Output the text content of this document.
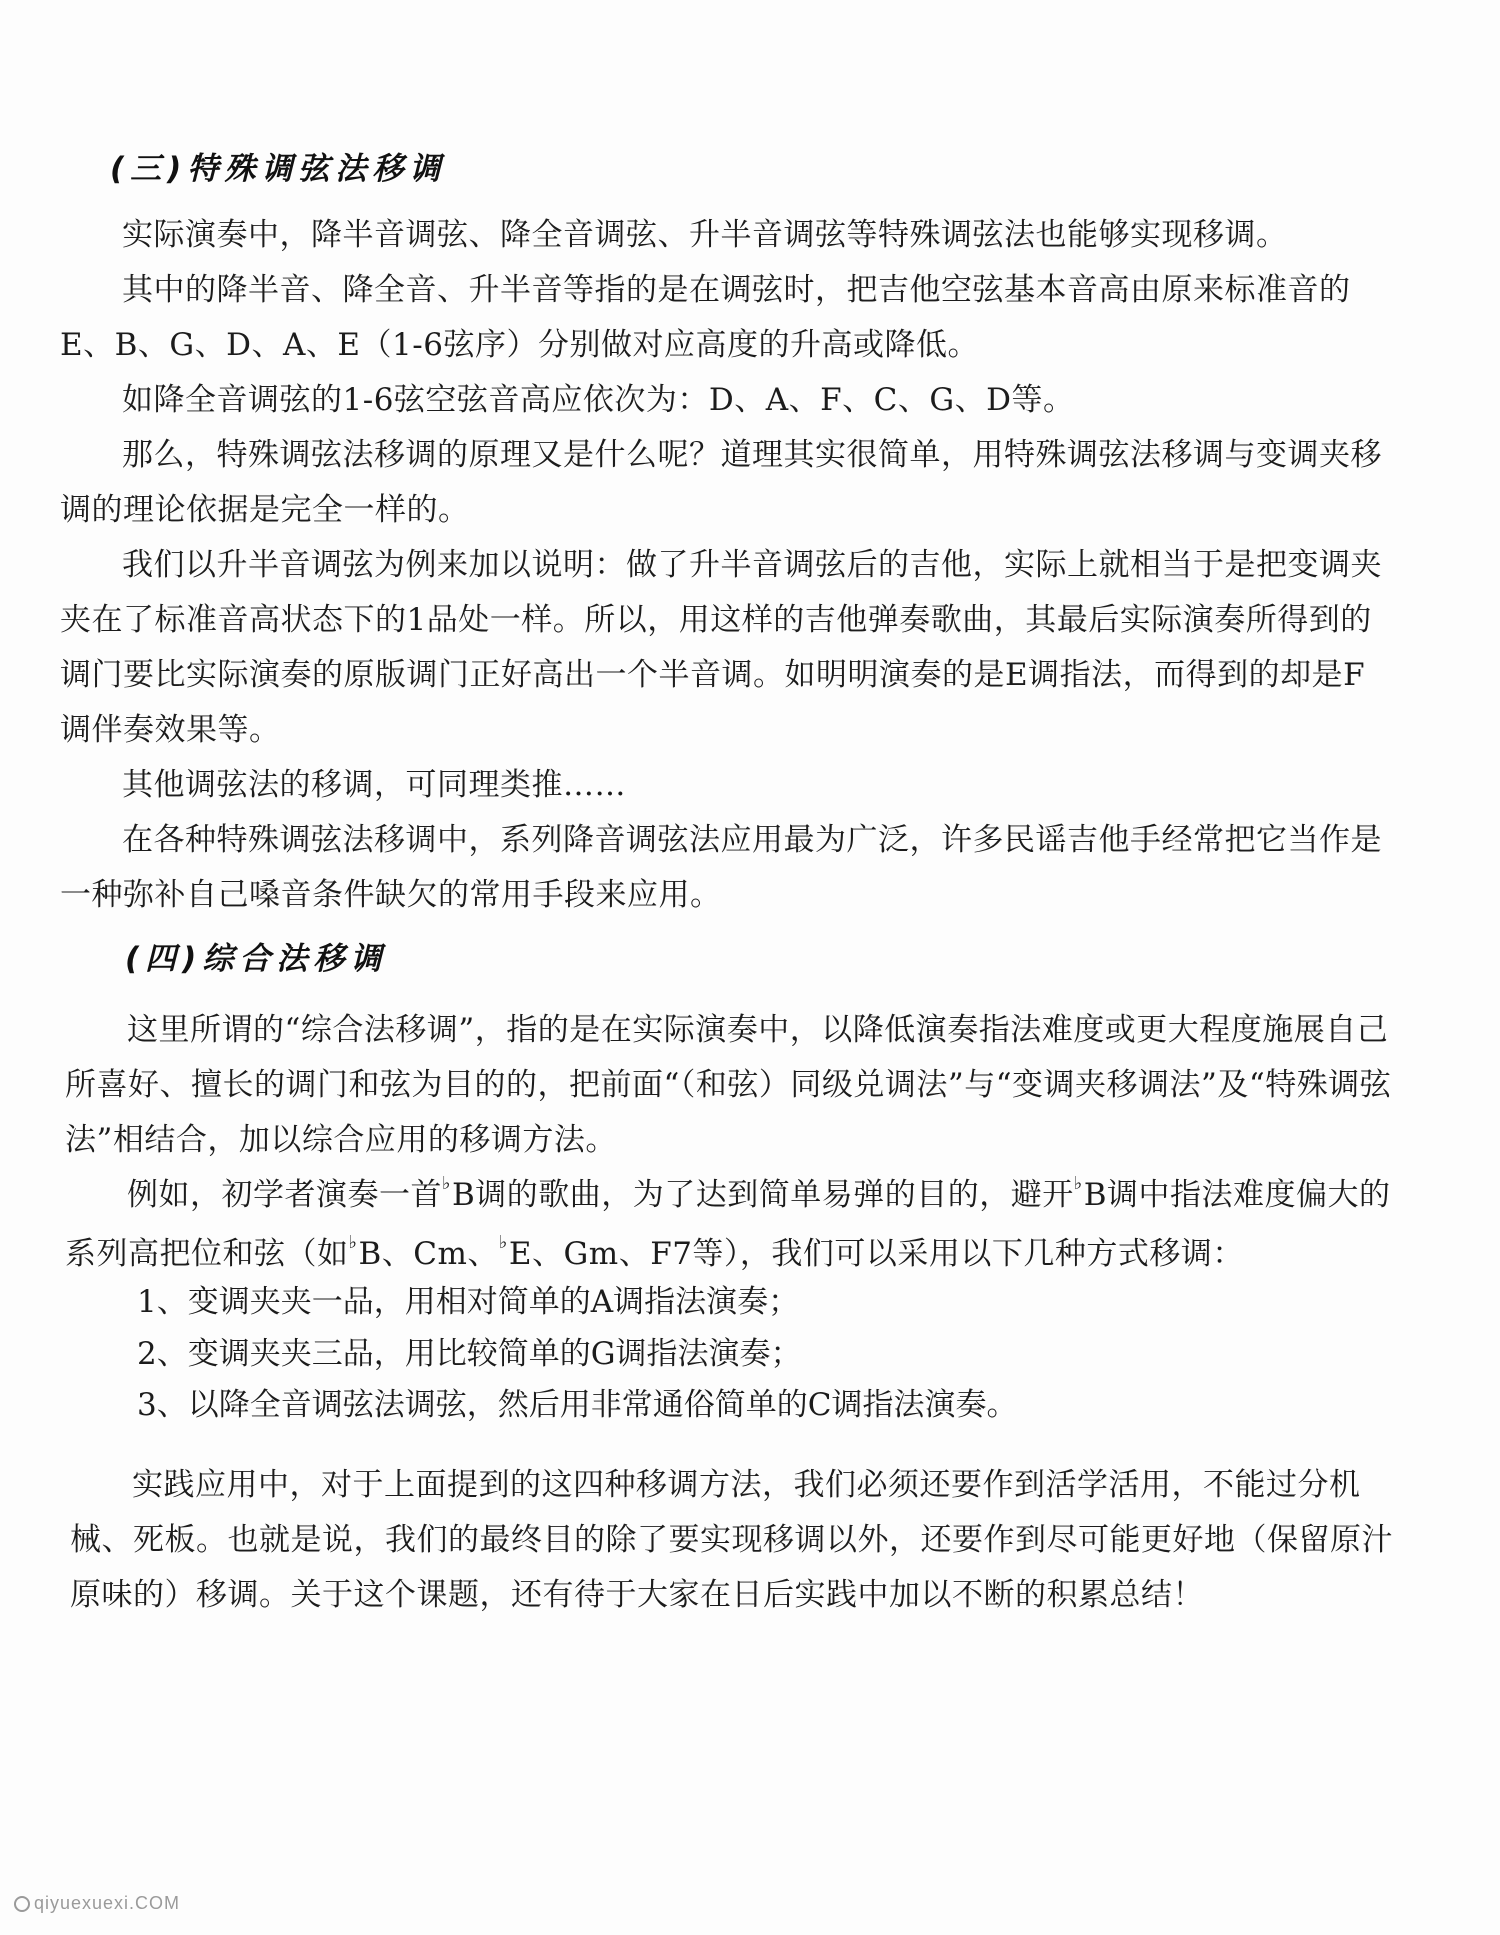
(三)特殊调弦法移调

实际演奏中，降半音调弦、降全音调弦、升半音调弦等特殊调弦法也能够实现移调。

其中的降半音、降全音、升半音等指的是在调弦时，把吉他空弦基本音高由原来标准音的E、B、G、D、A、E（1-6弦序）分别做对应高度的升高或降低。

如降全音调弦的1-6弦空弦音高应依次为：D、A、F、C、G、D等。

那么，特殊调弦法移调的原理又是什么呢？道理其实很简单，用特殊调弦法移调与变调夹移调的理论依据是完全一样的。

我们以升半音调弦为例来加以说明：做了升半音调弦后的吉他，实际上就相当于是把变调夹夹在了标准音高状态下的1品处一样。所以，用这样的吉他弹奏歌曲，其最后实际演奏所得到的调门要比实际演奏的原版调门正好高出一个半音调。如明明演奏的是E调指法，而得到的却是F调伴奏效果等。

其他调弦法的移调，可同理类推……

在各种特殊调弦法移调中，系列降音调弦法应用最为广泛，许多民谣吉他手经常把它当作是一种弥补自己嗓音条件缺欠的常用手段来应用。

(四)综合法移调

这里所谓的“综合法移调”，指的是在实际演奏中，以降低演奏指法难度或更大程度施展自己所喜好、擅长的调门和弦为目的的，把前面“（和弦）同级兑调法”与“变调夹移调法”及“特殊调弦法”相结合，加以综合应用的移调方法。

例如，初学者演奏一首♭B调的歌曲，为了达到简单易弹的目的，避开♭B调中指法难度偏大的系列高把位和弦（如♭B、Cm、♭E、Gm、F7等），我们可以采用以下几种方式移调：

1、变调夹夹一品，用相对简单的A调指法演奏；
2、变调夹夹三品，用比较简单的G调指法演奏；
3、以降全音调弦法调弦，然后用非常通俗简单的C调指法演奏。

实践应用中，对于上面提到的这四种移调方法，我们必须还要作到活学活用，不能过分机械、死板。也就是说，我们的最终目的除了要实现移调以外，还要作到尽可能更好地（保留原汁原味的）移调。关于这个课题，还有待于大家在日后实践中加以不断的积累总结！

qiyuexuexi.COM
